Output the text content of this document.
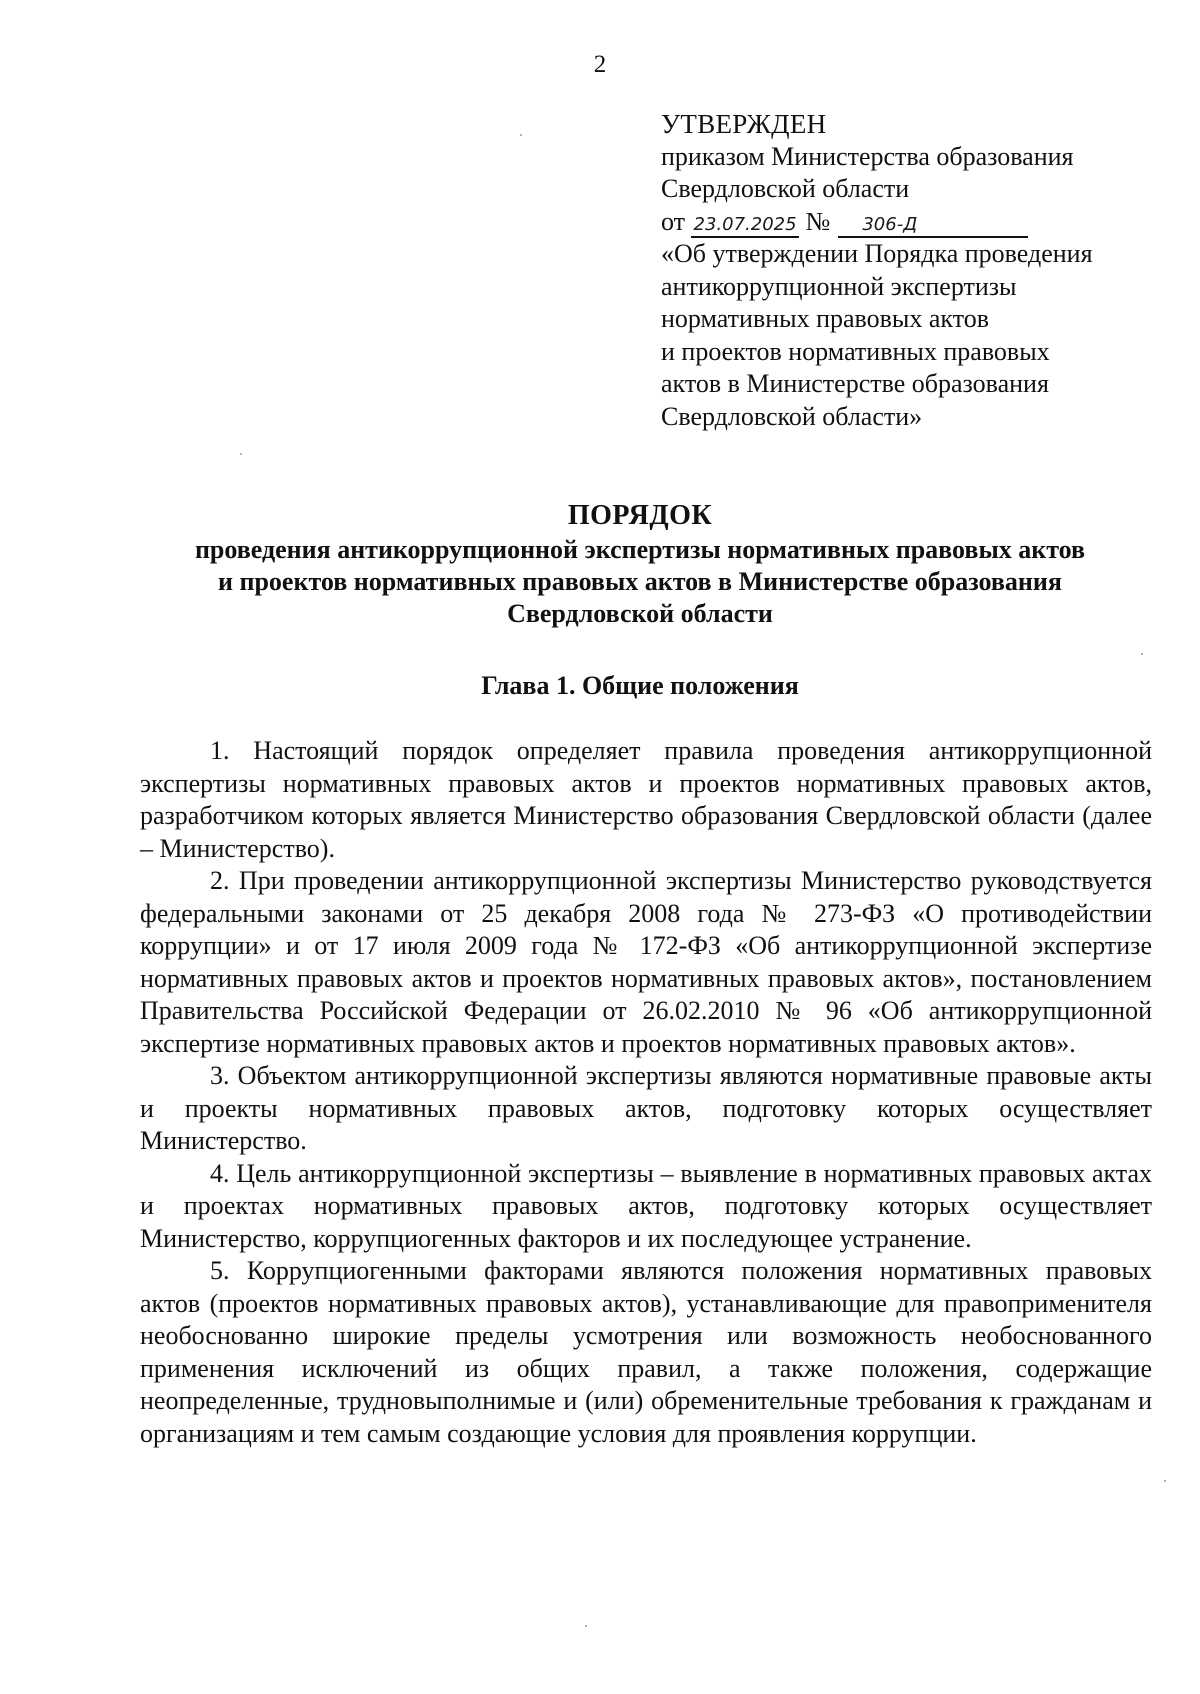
2
УТВЕРЖДЕН
приказом Министерства образования
Свердловской области
от 23.07.2025 № 306-Д
«Об утверждении Порядка проведения
антикоррупционной экспертизы
нормативных правовых актов
и проектов нормативных правовых
актов в Министерстве образования
Свердловской области»
ПОРЯДОК
проведения антикоррупционной экспертизы нормативных правовых актов
и проектов нормативных правовых актов в Министерстве образования
Свердловской области
Глава 1. Общие положения

1. Настоящий порядок определяет правила проведения антикоррупционной экспертизы нормативных правовых актов и проектов нормативных правовых актов, разработчиком которых является Министерство образования Свердловской области (далее – Министерство).

2. При проведении антикоррупционной экспертизы Министерство руководствуется федеральными законами от 25 декабря 2008 года № 273-ФЗ «О противодействии коррупции» и от 17 июля 2009 года № 172-ФЗ «Об антикоррупционной экспертизе нормативных правовых актов и проектов нормативных правовых актов», постановлением Правительства Российской Федерации от 26.02.2010 № 96 «Об антикоррупционной экспертизе нормативных правовых актов и проектов нормативных правовых актов».

3. Объектом антикоррупционной экспертизы являются нормативные правовые акты и проекты нормативных правовых актов, подготовку которых осуществляет Министерство.

4. Цель антикоррупционной экспертизы – выявление в нормативных правовых актах и проектах нормативных правовых актов, подготовку которых осуществляет Министерство, коррупциогенных факторов и их последующее устранение.

5. Коррупциогенными факторами являются положения нормативных правовых актов (проектов нормативных правовых актов), устанавливающие для правоприменителя необоснованно широкие пределы усмотрения или возможность необоснованного применения исключений из общих правил, а также положения, содержащие неопределенные, трудновыполнимые и (или) обременительные требования к гражданам и организациям и тем самым создающие условия для проявления коррупции.
